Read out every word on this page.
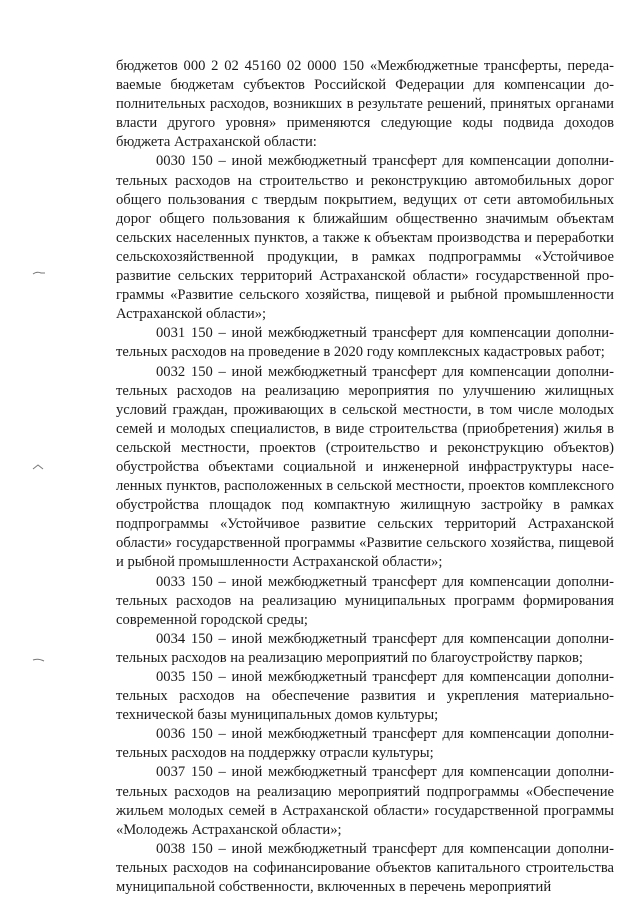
бюджетов 000 2 02 45160 02 0000 150 «Межбюджетные трансферты, передаваемые бюджетам субъектов Российской Федерации для компенсации дополнительных расходов, возникших в результате решений, принятых органами власти другого уровня» применяются следующие коды подвида доходов бюджета Астраханской области:

0030 150 – иной межбюджетный трансферт для компенсации дополнительных расходов на строительство и реконструкцию автомобильных дорог общего пользования с твердым покрытием, ведущих от сети автомобильных дорог общего пользования к ближайшим общественно значимым объектам сельских населенных пунктов, а также к объектам производства и переработки сельскохозяйственной продукции, в рамках подпрограммы «Устойчивое развитие сельских территорий Астраханской области» государственной программы «Развитие сельского хозяйства, пищевой и рыбной промышленности Астраханской области»;

0031 150 – иной межбюджетный трансферт для компенсации дополнительных расходов на проведение в 2020 году комплексных кадастровых работ;

0032 150 – иной межбюджетный трансферт для компенсации дополнительных расходов на реализацию мероприятия по улучшению жилищных условий граждан, проживающих в сельской местности, в том числе молодых семей и молодых специалистов, в виде строительства (приобретения) жилья в сельской местности, проектов (строительство и реконструкцию объектов) обустройства объектами социальной и инженерной инфраструктуры населенных пунктов, расположенных в сельской местности, проектов комплексного обустройства площадок под компактную жилищную застройку в рамках подпрограммы «Устойчивое развитие сельских территорий Астраханской области» государственной программы «Развитие сельского хозяйства, пищевой и рыбной промышленности Астраханской области»;

0033 150 – иной межбюджетный трансферт для компенсации дополнительных расходов на реализацию муниципальных программ формирования современной городской среды;

0034 150 – иной межбюджетный трансферт для компенсации дополнительных расходов на реализацию мероприятий по благоустройству парков;

0035 150 – иной межбюджетный трансферт для компенсации дополнительных расходов на обеспечение развития и укрепления материально-технической базы муниципальных домов культуры;

0036 150 – иной межбюджетный трансферт для компенсации дополнительных расходов на поддержку отрасли культуры;

0037 150 – иной межбюджетный трансферт для компенсации дополнительных расходов на реализацию мероприятий подпрограммы «Обеспечение жильем молодых семей в Астраханской области» государственной программы «Молодежь Астраханской области»;

0038 150 – иной межбюджетный трансферт для компенсации дополнительных расходов на софинансирование объектов капитального строительства муниципальной собственности, включенных в перечень мероприятий
